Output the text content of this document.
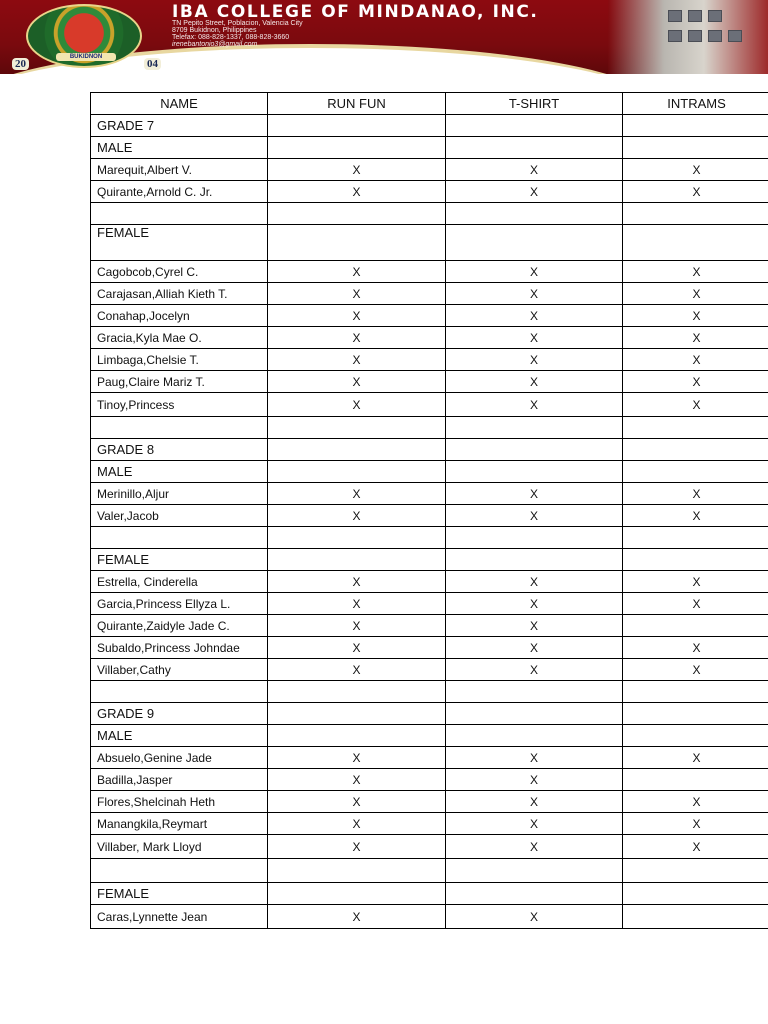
BUKIDNON
20	04
IBA COLLEGE OF MINDANAO, INC.
TN Pepito Street, Poblacion, Valencia City
8709 Bukidnon, Philippines
Telefax: 088-828-1337, 088-828-3660
irenebantonio3@gmail.com
NAME	RUN FUN	T-SHIRT	INTRAMS
GRADE 7			
MALE			
Marequit,Albert V.	X	X	X
Quirante,Arnold C. Jr.	X	X	X

FEMALE			
Cagobcob,Cyrel C.	X	X	X
Carajasan,Alliah Kieth T.	X	X	X
Conahap,Jocelyn	X	X	X
Gracia,Kyla Mae O.	X	X	X
Limbaga,Chelsie T.	X	X	X
Paug,Claire Mariz T.	X	X	X
Tinoy,Princess	X	X	X

GRADE 8			
MALE			
Merinillo,Aljur	X	X	X
Valer,Jacob	X	X	X

FEMALE			
Estrella, Cinderella	X	X	X
Garcia,Princess Ellyza L.	X	X	X
Quirante,Zaidyle Jade C.	X	X	
Subaldo,Princess Johndae	X	X	X
Villaber,Cathy	X	X	X

GRADE 9			
MALE			
Absuelo,Genine Jade	X	X	X
Badilla,Jasper	X	X	
Flores,Shelcinah Heth	X	X	X
Manangkila,Reymart	X	X	X
Villaber, Mark Lloyd	X	X	X

FEMALE			
Caras,Lynnette Jean	X	X	
